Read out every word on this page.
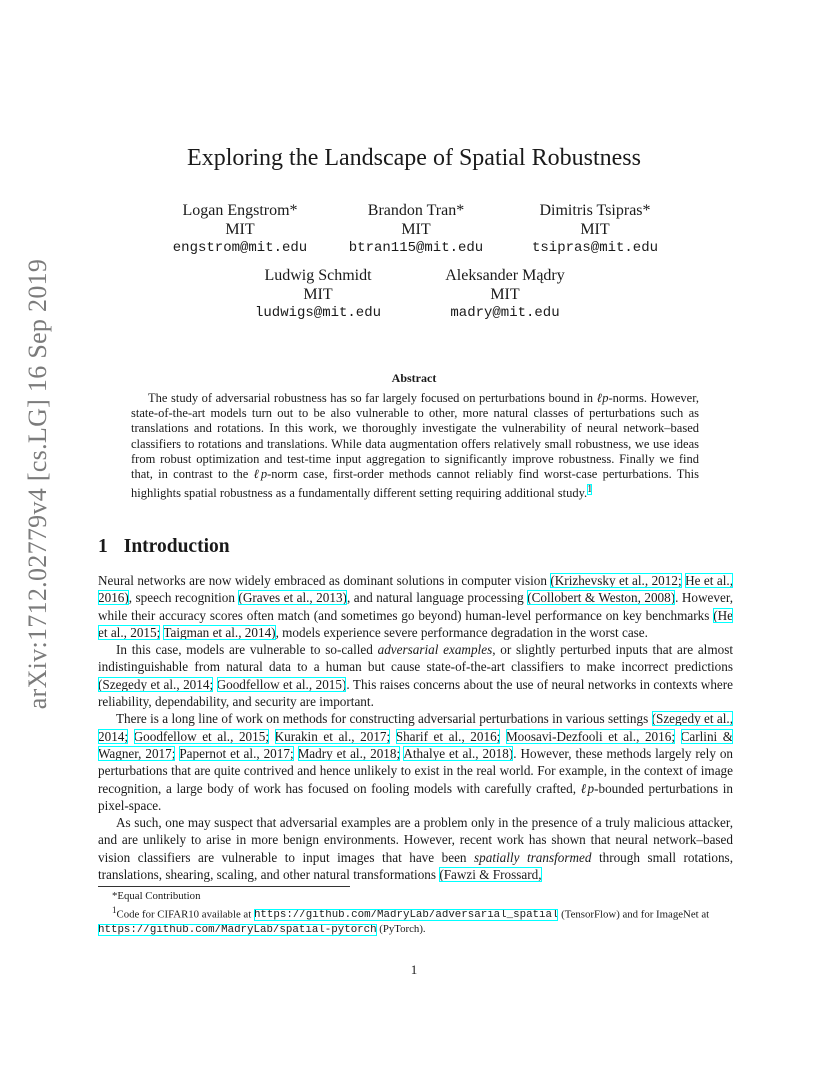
arXiv:1712.02779v4 [cs.LG] 16 Sep 2019
Exploring the Landscape of Spatial Robustness
Logan Engstrom*
MIT
engstrom@mit.edu
Brandon Tran*
MIT
btran115@mit.edu
Dimitris Tsipras*
MIT
tsipras@mit.edu
Ludwig Schmidt
MIT
ludwigs@mit.edu
Aleksander Mądry
MIT
madry@mit.edu
Abstract

The study of adversarial robustness has so far largely focused on perturbations bound in ℓp-norms. However, state-of-the-art models turn out to be also vulnerable to other, more natural classes of perturbations such as translations and rotations. In this work, we thoroughly investigate the vulnerability of neural network–based classifiers to rotations and translations. While data augmentation offers relatively small robustness, we use ideas from robust optimization and test-time input aggregation to significantly improve robustness. Finally we find that, in contrast to the ℓp-norm case, first-order methods cannot reliably find worst-case perturbations. This highlights spatial robustness as a fundamentally different setting requiring additional study.$^1$

1 Introduction

Neural networks are now widely embraced as dominant solutions in computer vision (Krizhevsky et al., 2012; He et al., 2016), speech recognition (Graves et al., 2013), and natural language processing (Collobert & Weston, 2008). However, while their accuracy scores often match (and sometimes go beyond) human-level performance on key benchmarks (He et al., 2015; Taigman et al., 2014), models experience severe performance degradation in the worst case.

In this case, models are vulnerable to so-called adversarial examples, or slightly perturbed inputs that are almost indistinguishable from natural data to a human but cause state-of-the-art classifiers to make incorrect predictions (Szegedy et al., 2014; Goodfellow et al., 2015). This raises concerns about the use of neural networks in contexts where reliability, dependability, and security are important.

There is a long line of work on methods for constructing adversarial perturbations in various settings (Szegedy et al., 2014; Goodfellow et al., 2015; Kurakin et al., 2017; Sharif et al., 2016; Moosavi-Dezfooli et al., 2016; Carlini & Wagner, 2017; Papernot et al., 2017; Madry et al., 2018; Athalye et al., 2018). However, these methods largely rely on perturbations that are quite contrived and hence unlikely to exist in the real world. For example, in the context of image recognition, a large body of work has focused on fooling models with carefully crafted, ℓp-bounded perturbations in pixel-space.

As such, one may suspect that adversarial examples are a problem only in the presence of a truly malicious attacker, and are unlikely to arise in more benign environments. However, recent work has shown that neural network–based vision classifiers are vulnerable to input images that have been spatially transformed through small rotations, translations, shearing, scaling, and other natural transformations (Fawzi & Frossard,

*Equal Contribution

$^1$Code for CIFAR10 available at https://github.com/MadryLab/adversarial_spatial (TensorFlow) and for ImageNet at https://github.com/MadryLab/spatial-pytorch (PyTorch).

1
